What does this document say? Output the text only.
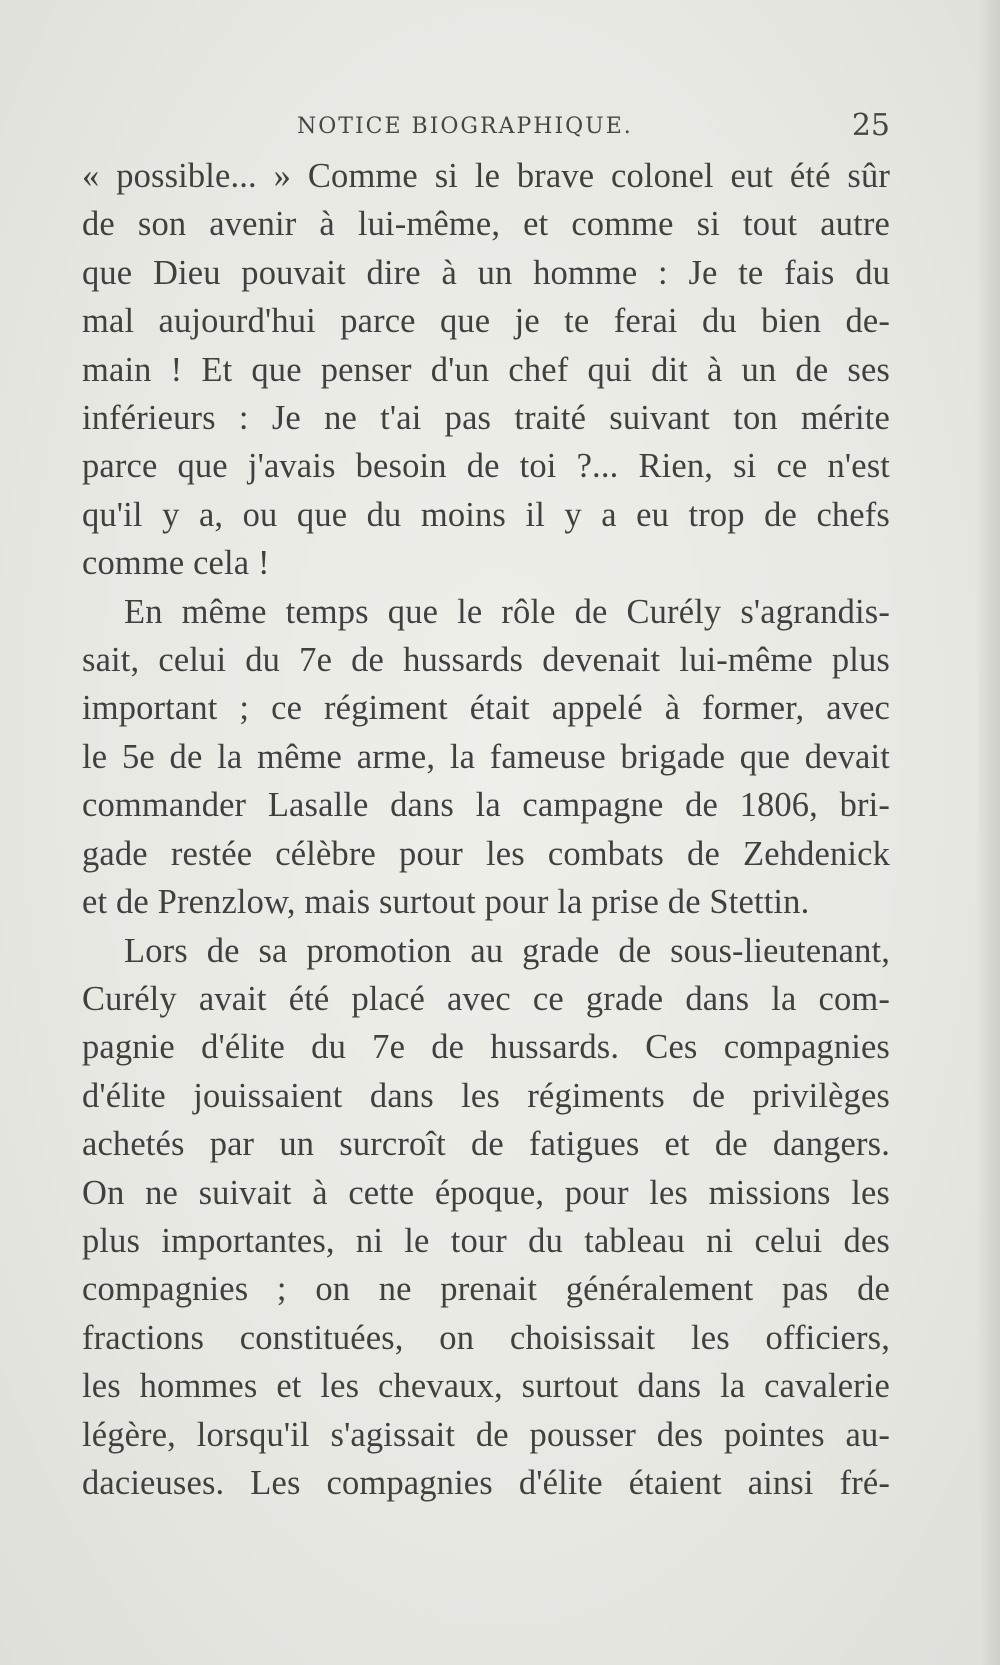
NOTICE BIOGRAPHIQUE.	25

« possible... » Comme si le brave colonel eut été sûr
de son avenir à lui-même, et comme si tout autre
que Dieu pouvait dire à un homme : Je te fais du
mal aujourd'hui parce que je te ferai du bien de-
main ! Et que penser d'un chef qui dit à un de ses
inférieurs : Je ne t'ai pas traité suivant ton mérite
parce que j'avais besoin de toi ?... Rien, si ce n'est
qu'il y a, ou que du moins il y a eu trop de chefs
comme cela !

En même temps que le rôle de Curély s'agrandis-
sait, celui du 7e de hussards devenait lui-même plus
important ; ce régiment était appelé à former, avec
le 5e de la même arme, la fameuse brigade que devait
commander Lasalle dans la campagne de 1806, bri-
gade restée célèbre pour les combats de Zehdenick
et de Prenzlow, mais surtout pour la prise de Stettin.

Lors de sa promotion au grade de sous-lieutenant,
Curély avait été placé avec ce grade dans la com-
pagnie d'élite du 7e de hussards. Ces compagnies
d'élite jouissaient dans les régiments de privilèges
achetés par un surcroît de fatigues et de dangers.
On ne suivait à cette époque, pour les missions les
plus importantes, ni le tour du tableau ni celui des
compagnies ; on ne prenait généralement pas de
fractions constituées, on choisissait les officiers,
les hommes et les chevaux, surtout dans la cavalerie
légère, lorsqu'il s'agissait de pousser des pointes au-
dacieuses. Les compagnies d'élite étaient ainsi fré-
